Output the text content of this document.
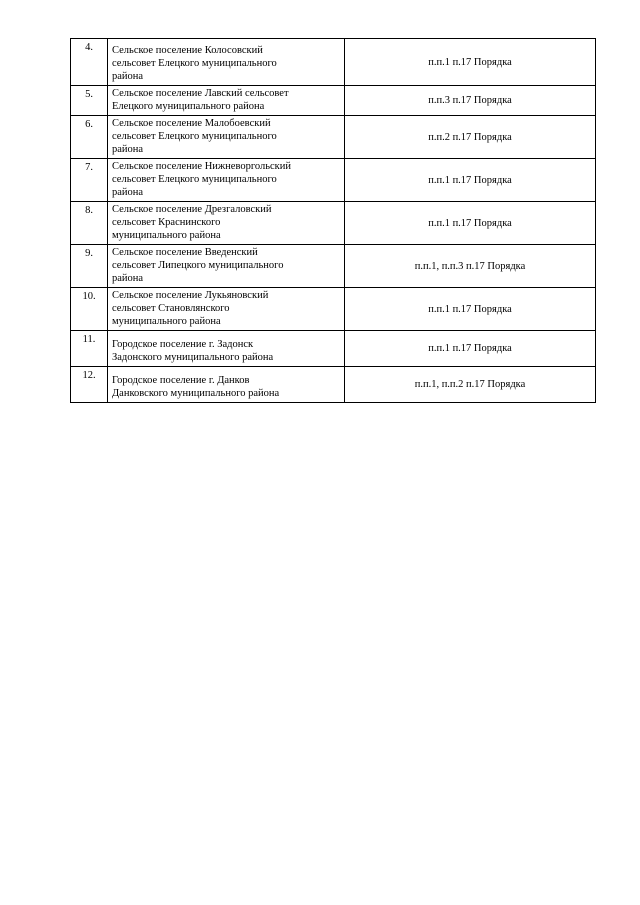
4.	Сельское поселение Колосовский
сельсовет Елецкого муниципального
района	п.п.1 п.17 Порядка
5.	Сельское поселение Лавский сельсовет
Елецкого муниципального района	п.п.3 п.17 Порядка
6.	Сельское поселение Малобоевский
сельсовет Елецкого муниципального
района	п.п.2 п.17 Порядка
7.	Сельское поселение Нижневоргольский
сельсовет Елецкого муниципального
района	п.п.1 п.17 Порядка
8.	Сельское поселение Дрезгаловский
сельсовет Краснинского
муниципального района	п.п.1 п.17 Порядка
9.	Сельское поселение Введенский
сельсовет Липецкого муниципального
района	п.п.1, п.п.3 п.17 Порядка
10.	Сельское поселение Лукьяновский
сельсовет Становлянского
муниципального района	п.п.1 п.17 Порядка
11.	Городское поселение г. Задонск
Задонского муниципального района	п.п.1 п.17 Порядка
12.	Городское поселение г. Данков
Данковского муниципального района	п.п.1, п.п.2 п.17 Порядка
